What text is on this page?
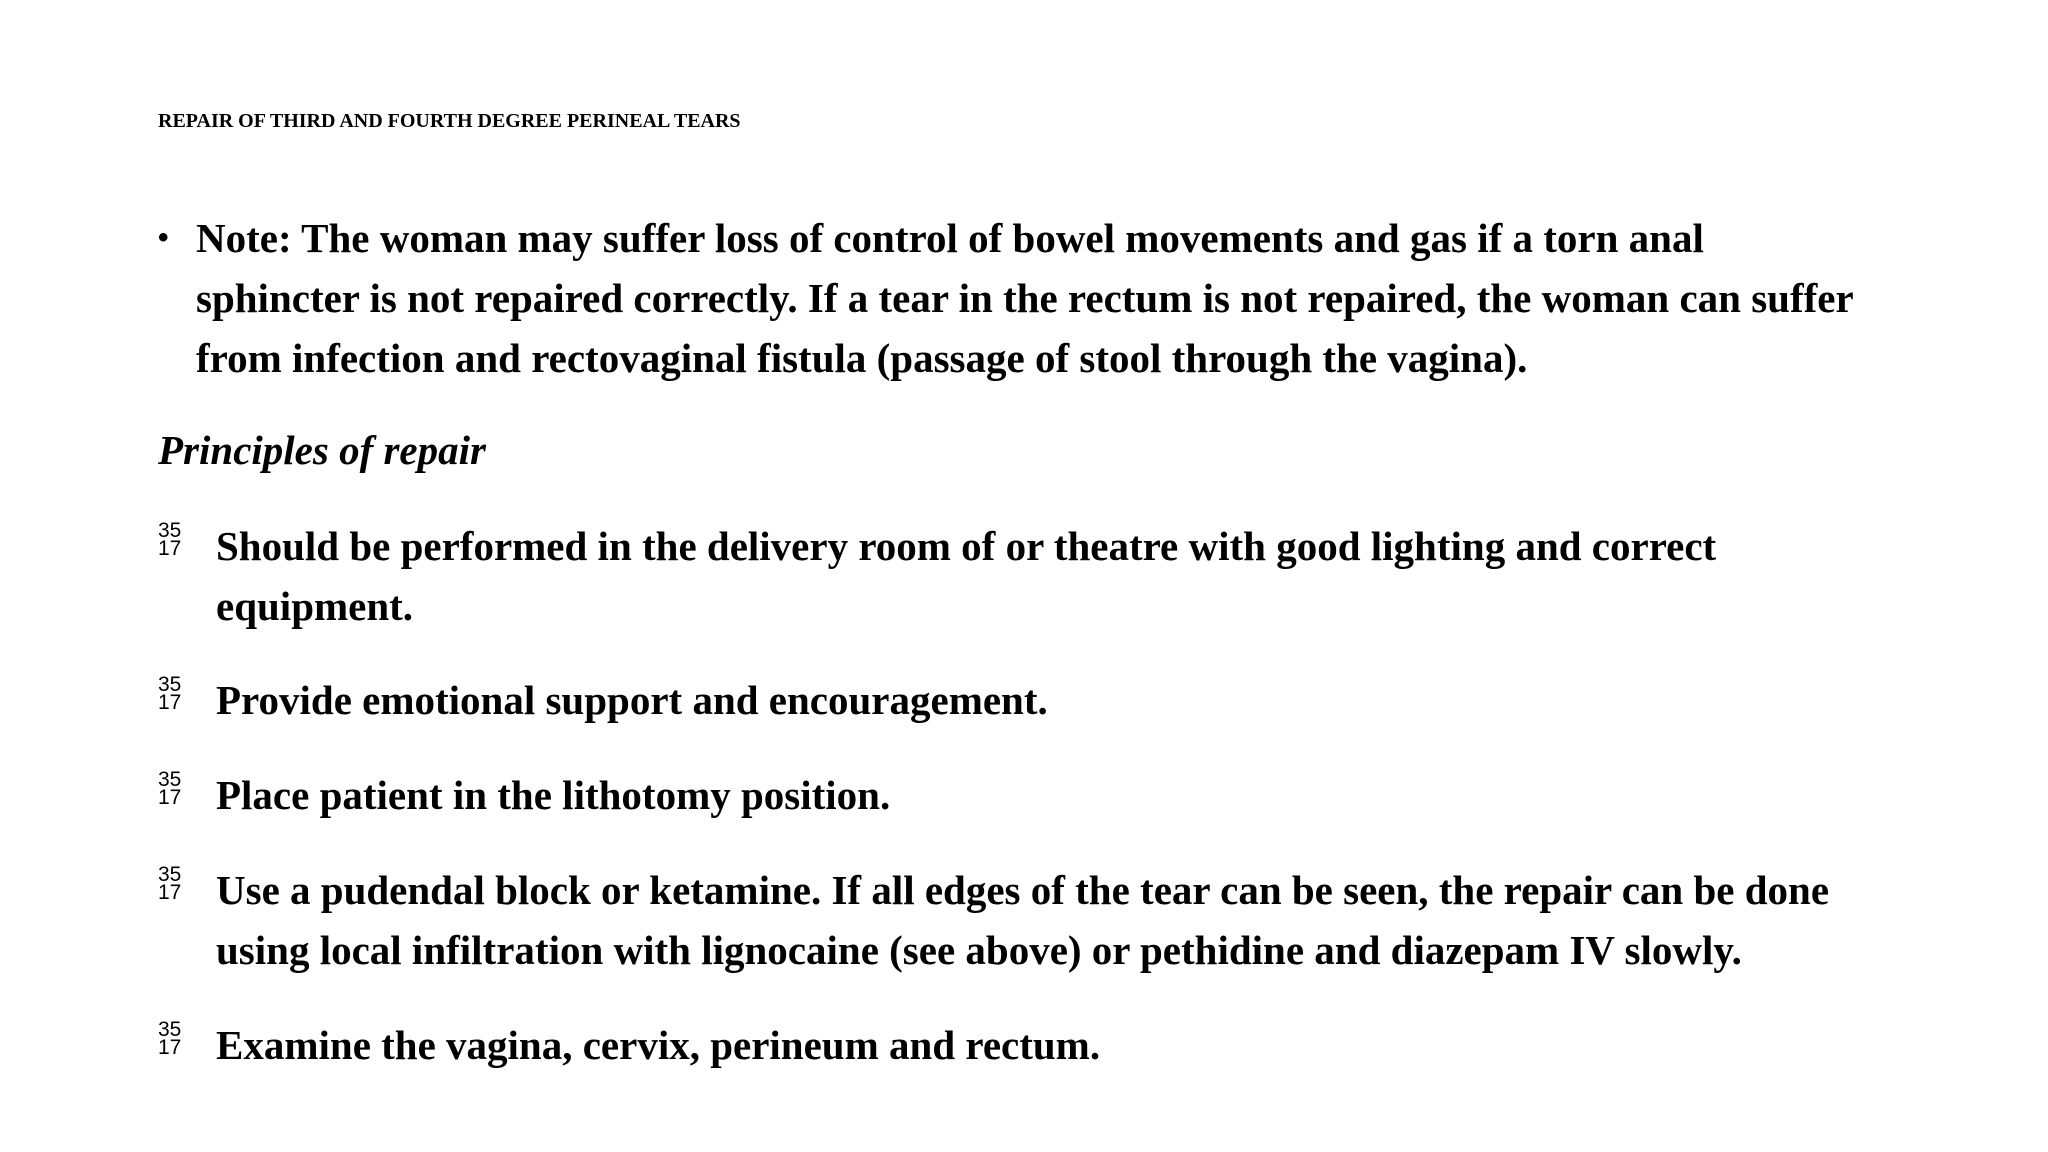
REPAIR OF THIRD AND FOURTH DEGREE PERINEAL TEARS
• Note: The woman may suffer loss of control of bowel movements and gas if a torn anal sphincter is not repaired correctly. If a tear in the rectum is not repaired, the woman can suffer from infection and rectovaginal fistula (passage of stool through the vagina).
Principles of repair
35
17 Should be performed in the delivery room of or theatre with good lighting and correct equipment.
35
17 Provide emotional support and encouragement.
35
17 Place patient in the lithotomy position.
35
17 Use a pudendal block or ketamine. If all edges of the tear can be seen, the repair can be done using local infiltration with lignocaine (see above) or pethidine and diazepam IV slowly.
35
17 Examine the vagina, cervix, perineum and rectum.
